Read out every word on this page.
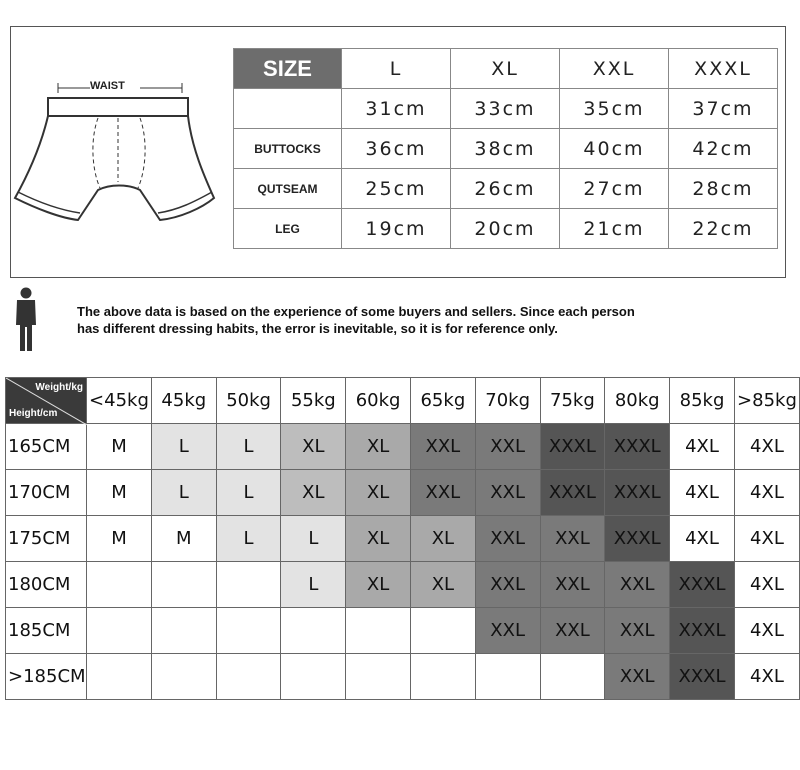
WAIST
SIZE	L	XL	XXL	XXXL
	31cm	33cm	35cm	37cm
BUTTOCKS	36cm	38cm	40cm	42cm
QUTSEAM	25cm	26cm	27cm	28cm
LEG	19cm	20cm	21cm	22cm
The above data is based on the experience of some buyers and sellers. Since each person
has different dressing habits, the error is inevitable, so it is for reference only.
Weight/kg
Height/cm	<45kg	45kg	50kg	55kg	60kg	65kg	70kg	75kg	80kg	85kg	>85kg
165CM	M	L	L	XL	XL	XXL	XXL	XXXL	XXXL	4XL	4XL
170CM	M	L	L	XL	XL	XXL	XXL	XXXL	XXXL	4XL	4XL
175CM	M	M	L	L	XL	XL	XXL	XXL	XXXL	4XL	4XL
180CM				L	XL	XL	XXL	XXL	XXL	XXXL	4XL
185CM							XXL	XXL	XXL	XXXL	4XL
>185CM									XXL	XXXL	4XL
